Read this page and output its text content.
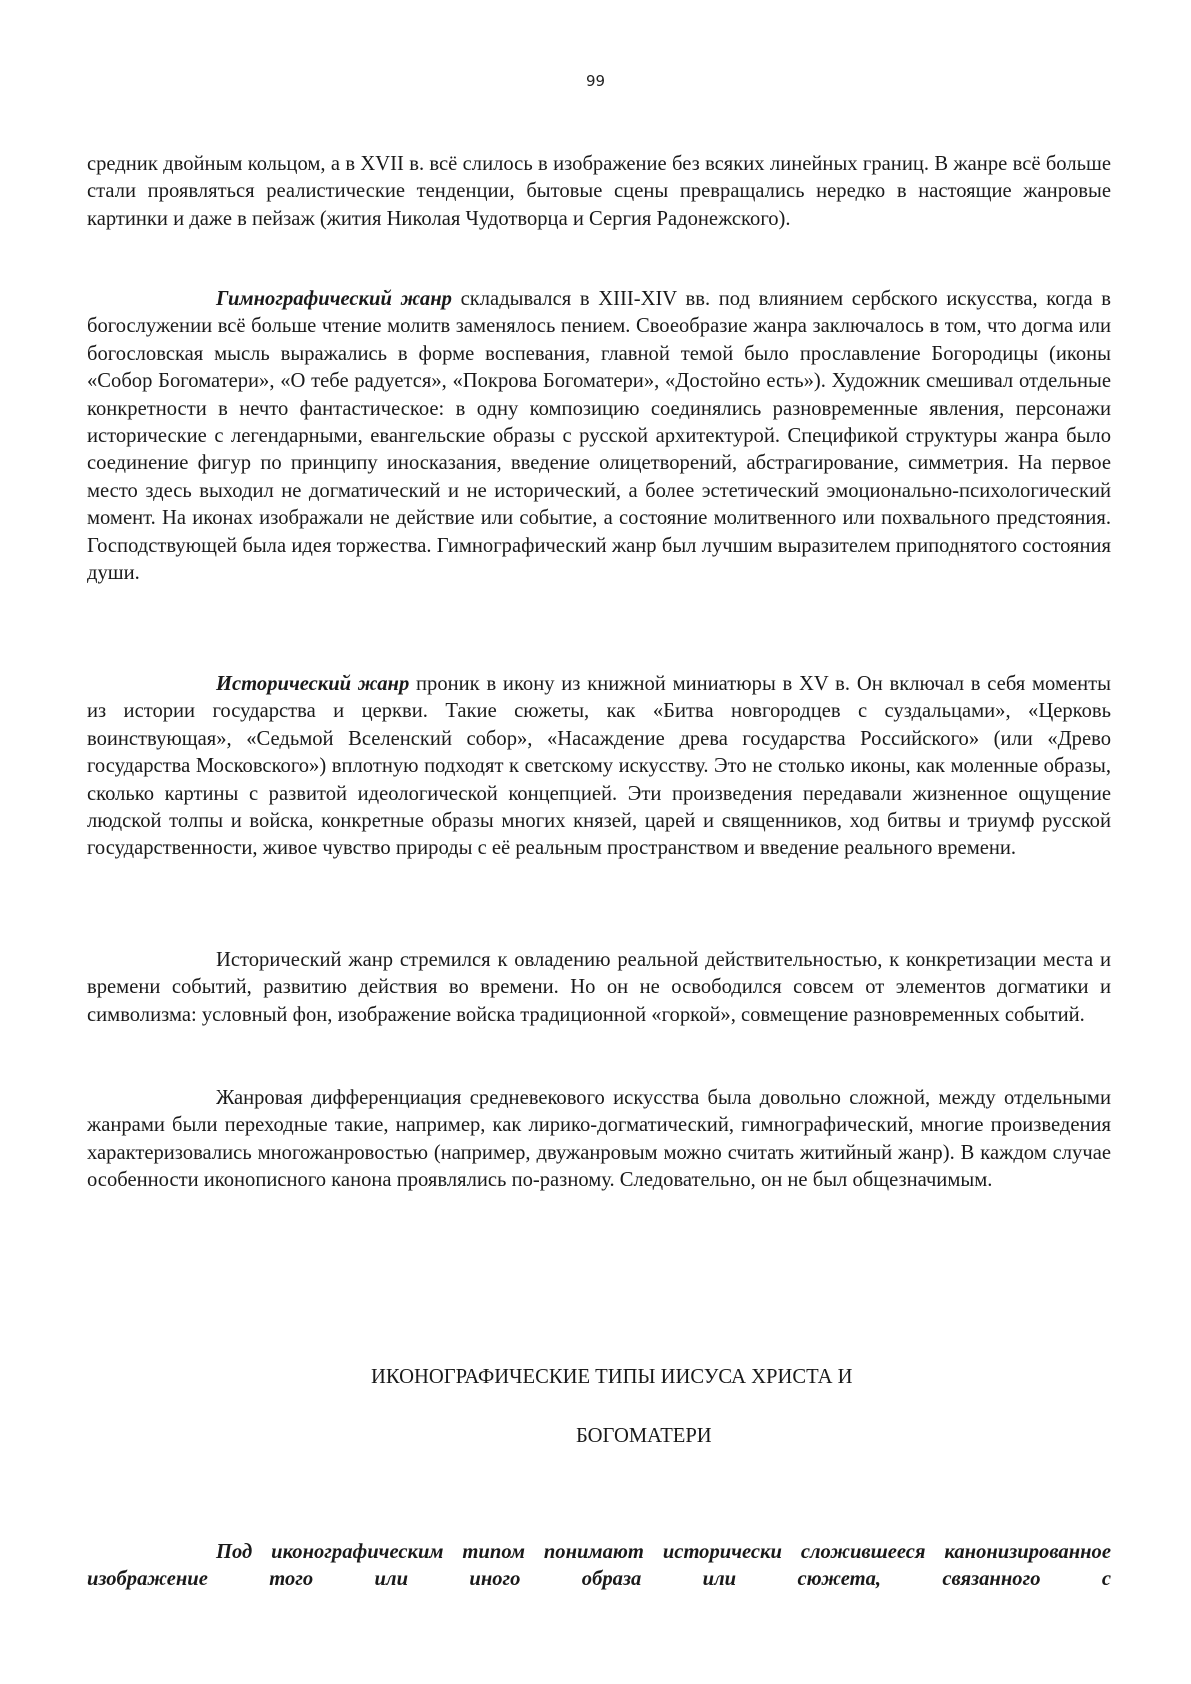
99

средник двойным кольцом, а в XVII в. всё слилось в изображение без всяких линейных границ. В жанре всё больше стали проявляться реалистические тенденции, бытовые сцены превращались нередко в настоящие жанровые картинки и даже в пейзаж (жития Николая Чудотворца и Сергия Радонежского).

Гимнографический жанр складывался в XIII-XIV вв. под влиянием сербского искусства, когда в богослужении всё больше чтение молитв заменялось пением. Своеобразие жанра заключалось в том, что догма или богословская мысль выражались в форме воспевания, главной темой было прославление Богородицы (иконы «Собор Богоматери», «О тебе радуется», «Покрова Богоматери», «Достойно есть»). Художник смешивал отдельные конкретности в нечто фантастическое: в одну композицию соединялись разновременные явления, персонажи исторические с легендарными, евангельские образы с русской архитектурой. Спецификой структуры жанра было соединение фигур по принципу иносказания, введение олицетворений, абстрагирование, симметрия. На первое место здесь выходил не догматический и не исторический, а более эстетический эмоционально-психологический момент. На иконах изображали не действие или событие, а состояние молитвенного или похвального предстояния. Господствующей была идея торжества. Гимнографический жанр был лучшим выразителем приподнятого состояния души.

Исторический жанр проник в икону из книжной миниатюры в XV в. Он включал в себя моменты из истории государства и церкви. Такие сюжеты, как «Битва новгородцев с суздальцами», «Церковь воинствующая», «Седьмой Вселенский собор», «Насаждение древа государства Российского» (или «Древо государства Московского») вплотную подходят к светскому искусству. Это не столько иконы, как моленные образы, сколько картины с развитой идеологической концепцией. Эти произведения передавали жизненное ощущение людской толпы и войска, конкретные образы многих князей, царей и священников, ход битвы и триумф русской государственности, живое чувство природы с её реальным пространством и введение реального времени.

Исторический жанр стремился к овладению реальной действительностью, к конкретизации места и времени событий, развитию действия во времени. Но он не освободился совсем от элементов догматики и символизма: условный фон, изображение войска традиционной «горкой», совмещение разновременных событий.

Жанровая дифференциация средневекового искусства была довольно сложной, между отдельными жанрами были переходные такие, например, как лирико-догматический, гимнографический, многие произведения характеризовались многожанровостью (например, двужанровым можно считать житийный жанр). В каждом случае особенности иконописного канона проявлялись по-разному. Следовательно, он не был общезначимым.

ИКОНОГРАФИЧЕСКИЕ ТИПЫ ИИСУСА ХРИСТА И
БОГОМАТЕРИ

Под иконографическим типом понимают исторически сложившееся канонизированное изображение того или иного образа или сюжета, связанного с
